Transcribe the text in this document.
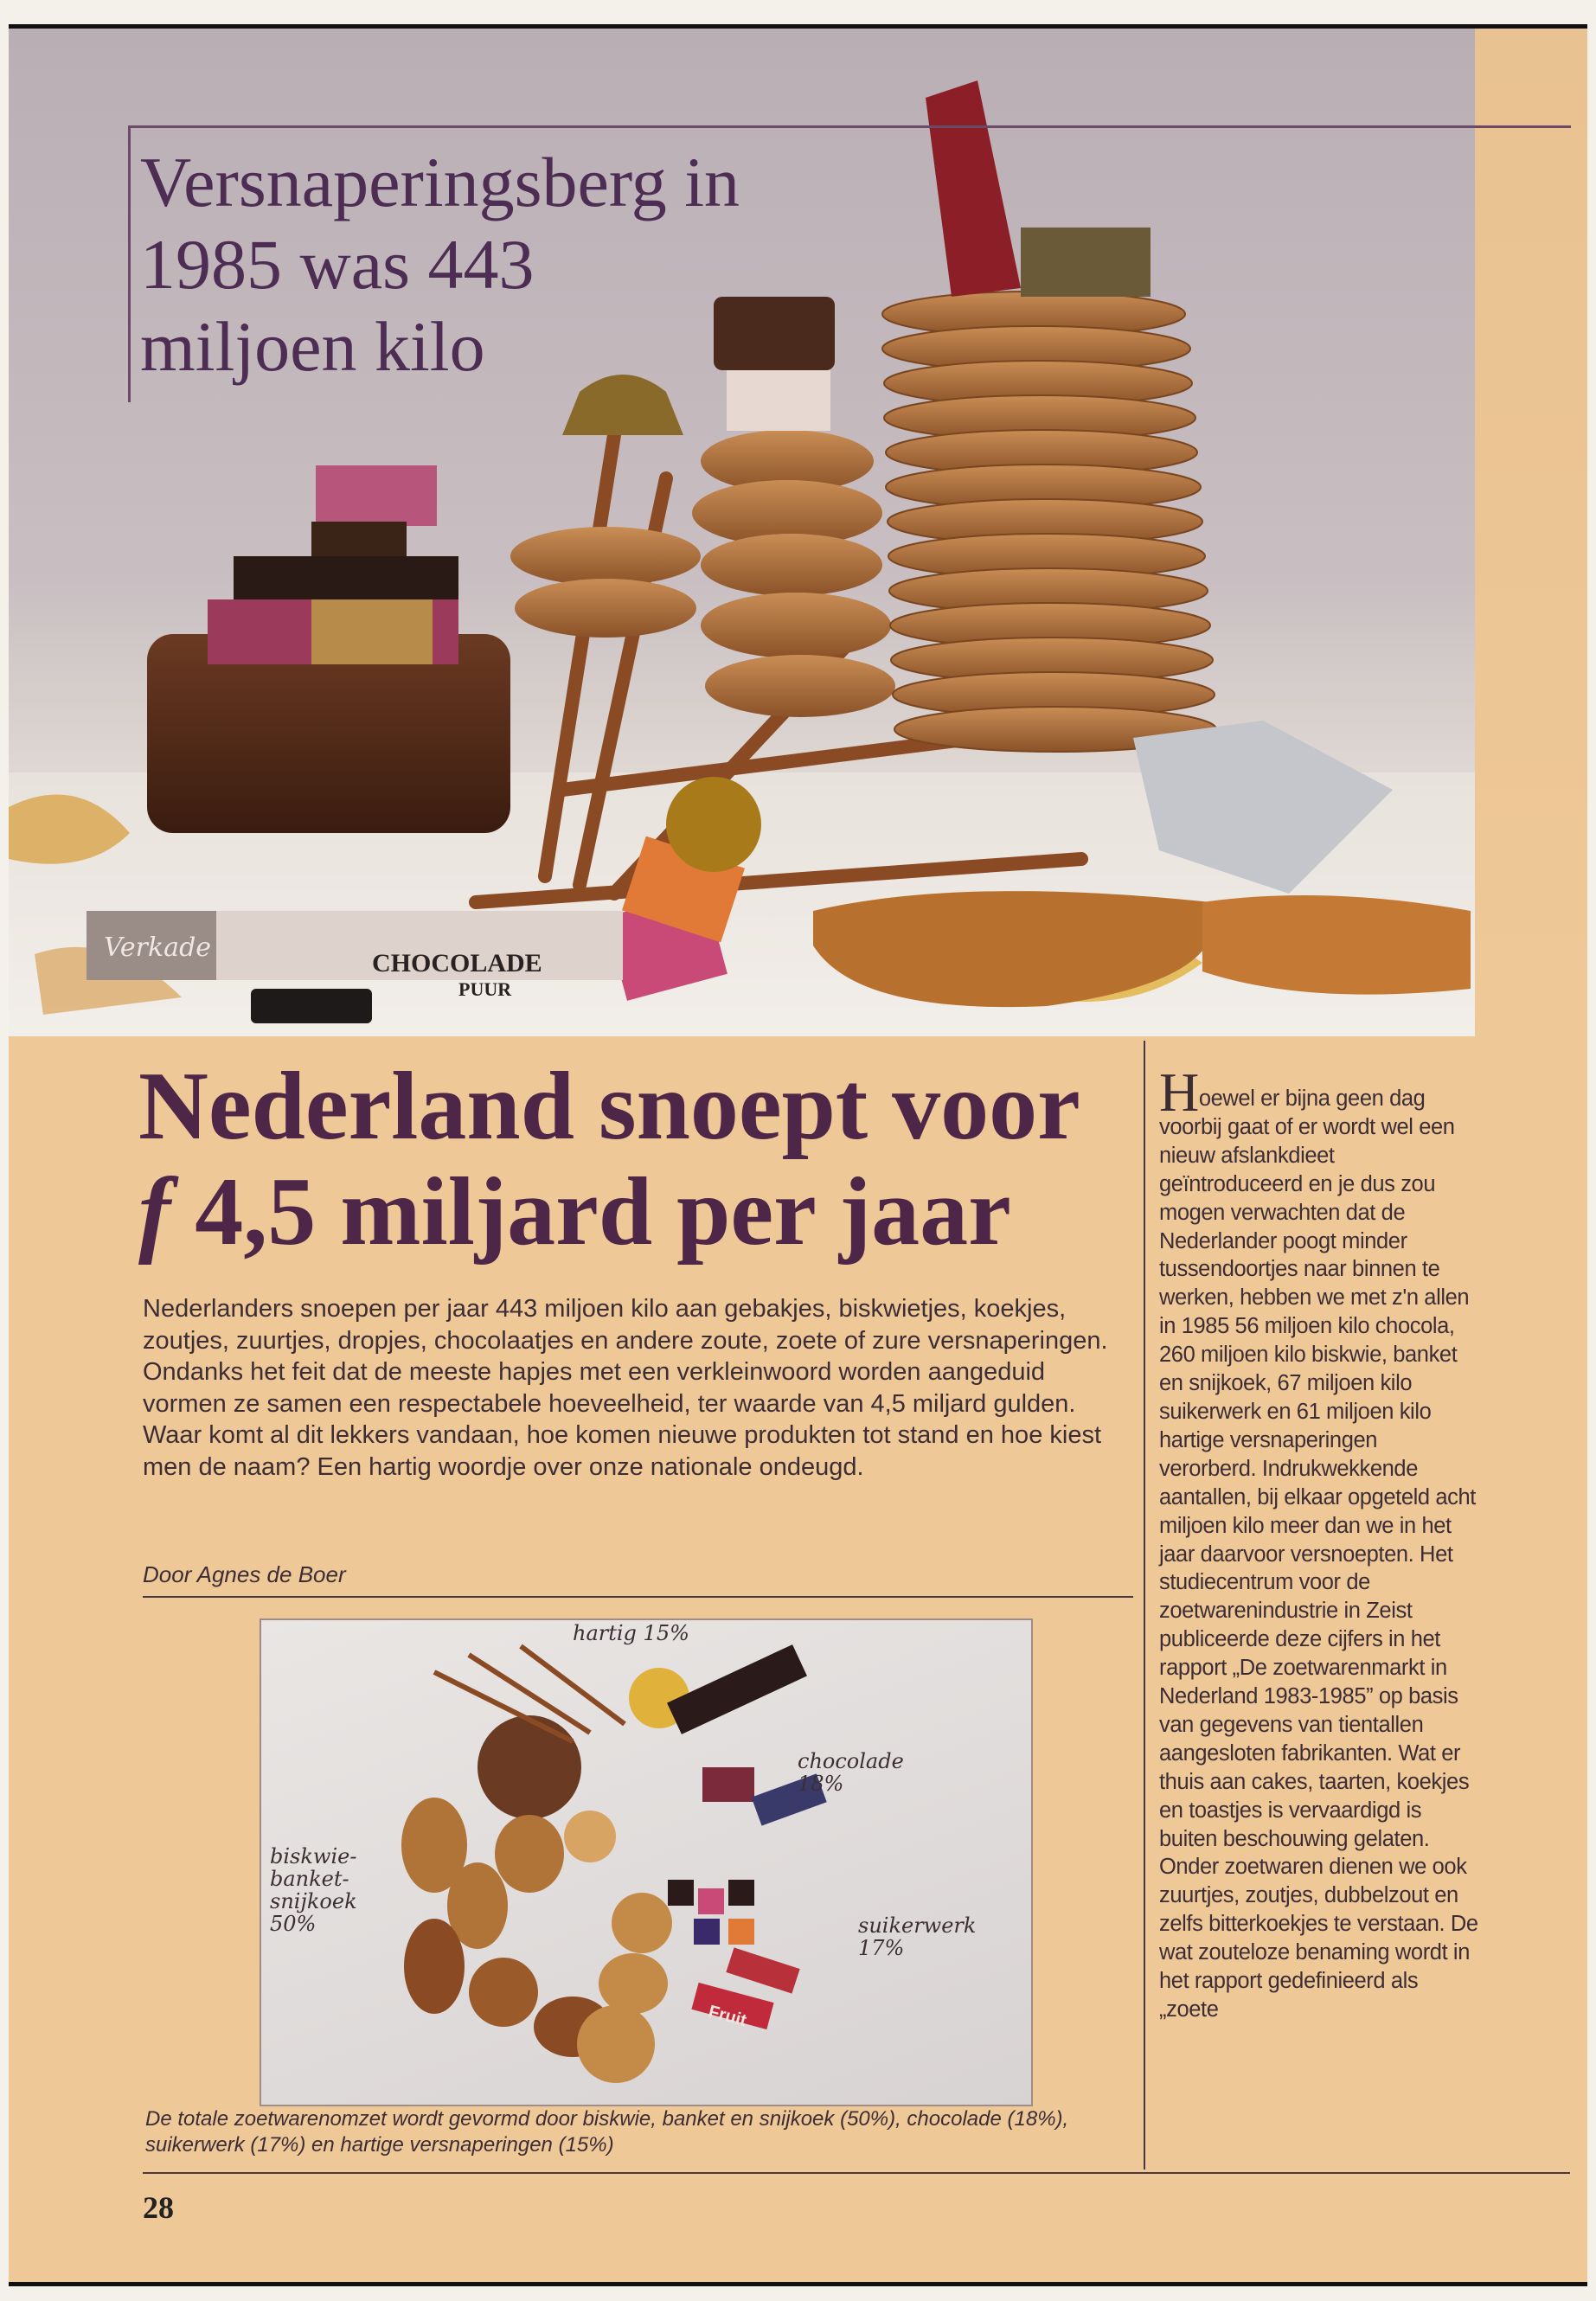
CHOCOLADE
PUUR
Verkade
Versnaperingsberg in
1985 was 443
miljoen kilo
Nederland snoept voor
f 4,5 miljard per jaar

Nederlanders snoepen per jaar 443 miljoen kilo aan gebakjes, biskwietjes, koekjes, zoutjes, zuurtjes, dropjes, chocolaatjes en andere zoute, zoete of zure versnaperingen. Ondanks het feit dat de meeste hapjes met een verkleinwoord worden aangeduid vormen ze samen een respectabele hoeveelheid, ter waarde van 4,5 miljard gulden. Waar komt al dit lekkers vandaan, hoe komen nieuwe produkten tot stand en hoe kiest men de naam? Een hartig woordje over onze nationale ondeugd.

Door Agnes de Boer

Hoewel er bijna geen dag voorbij gaat of er wordt wel een nieuw afslankdieet geïntroduceerd en je dus zou mogen verwachten dat de Nederlander poogt minder tussendoortjes naar binnen te werken, hebben we met z'n allen in 1985 56 miljoen kilo chocola, 260 miljoen kilo biskwie, banket en snijkoek, 67 miljoen kilo suikerwerk en 61 miljoen kilo hartige versnaperingen verorberd. Indrukwekkende aantallen, bij elkaar opgeteld acht miljoen kilo meer dan we in het jaar daarvoor versnoepten. Het studiecentrum voor de zoetwarenindustrie in Zeist publiceerde deze cijfers in het rapport „De zoetwarenmarkt in Nederland 1983-1985” op basis van gegevens van tientallen aangesloten fabrikanten. Wat er thuis aan cakes, taarten, koekjes en toastjes is vervaardigd is buiten beschouwing gelaten. Onder zoetwaren dienen we ook zuurtjes, zoutjes, dubbelzout en zelfs bitterkoekjes te verstaan. De wat zouteloze benaming wordt in het rapport gedefinieerd als „zoete

Fruit
hartig 15%
chocolade
18%
biskwie-
banket-
snijkoek
50%	suikerwerk
17%

De totale zoetwarenomzet wordt gevormd door biskwie, banket en snijkoek (50%), chocolade (18%), suikerwerk (17%) en hartige versnaperingen (15%)

28
